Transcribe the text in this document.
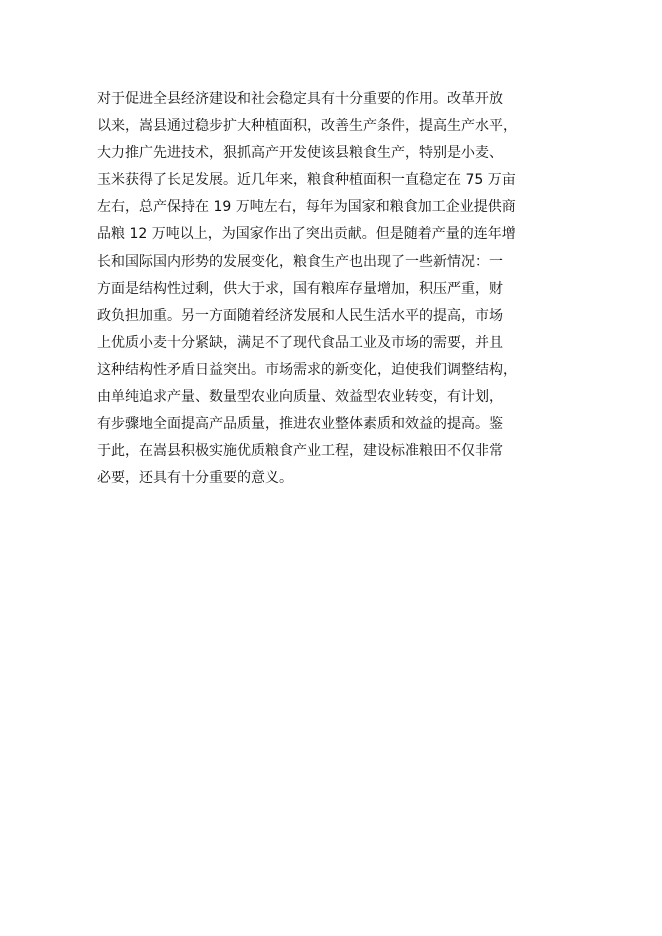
对于促进全县经济建设和社会稳定具有十分重要的作用。改革开放
以来，嵩县通过稳步扩大种植面积，改善生产条件，提高生产水平，
大力推广先进技术，狠抓高产开发使该县粮食生产，特别是小麦、
玉米获得了长足发展。近几年来，粮食种植面积一直稳定在 75 万亩
左右，总产保持在 19 万吨左右，每年为国家和粮食加工企业提供商
品粮 12 万吨以上，为国家作出了突出贡献。但是随着产量的连年增
长和国际国内形势的发展变化，粮食生产也出现了一些新情况：一
方面是结构性过剩，供大于求，国有粮库存量增加，积压严重，财
政负担加重。另一方面随着经济发展和人民生活水平的提高，市场
上优质小麦十分紧缺，满足不了现代食品工业及市场的需要，并且
这种结构性矛盾日益突出。市场需求的新变化，迫使我们调整结构，
由单纯追求产量、数量型农业向质量、效益型农业转变，有计划，
有步骤地全面提高产品质量，推进农业整体素质和效益的提高。鉴
于此，在嵩县积极实施优质粮食产业工程，建设标准粮田不仅非常
必要，还具有十分重要的意义。
